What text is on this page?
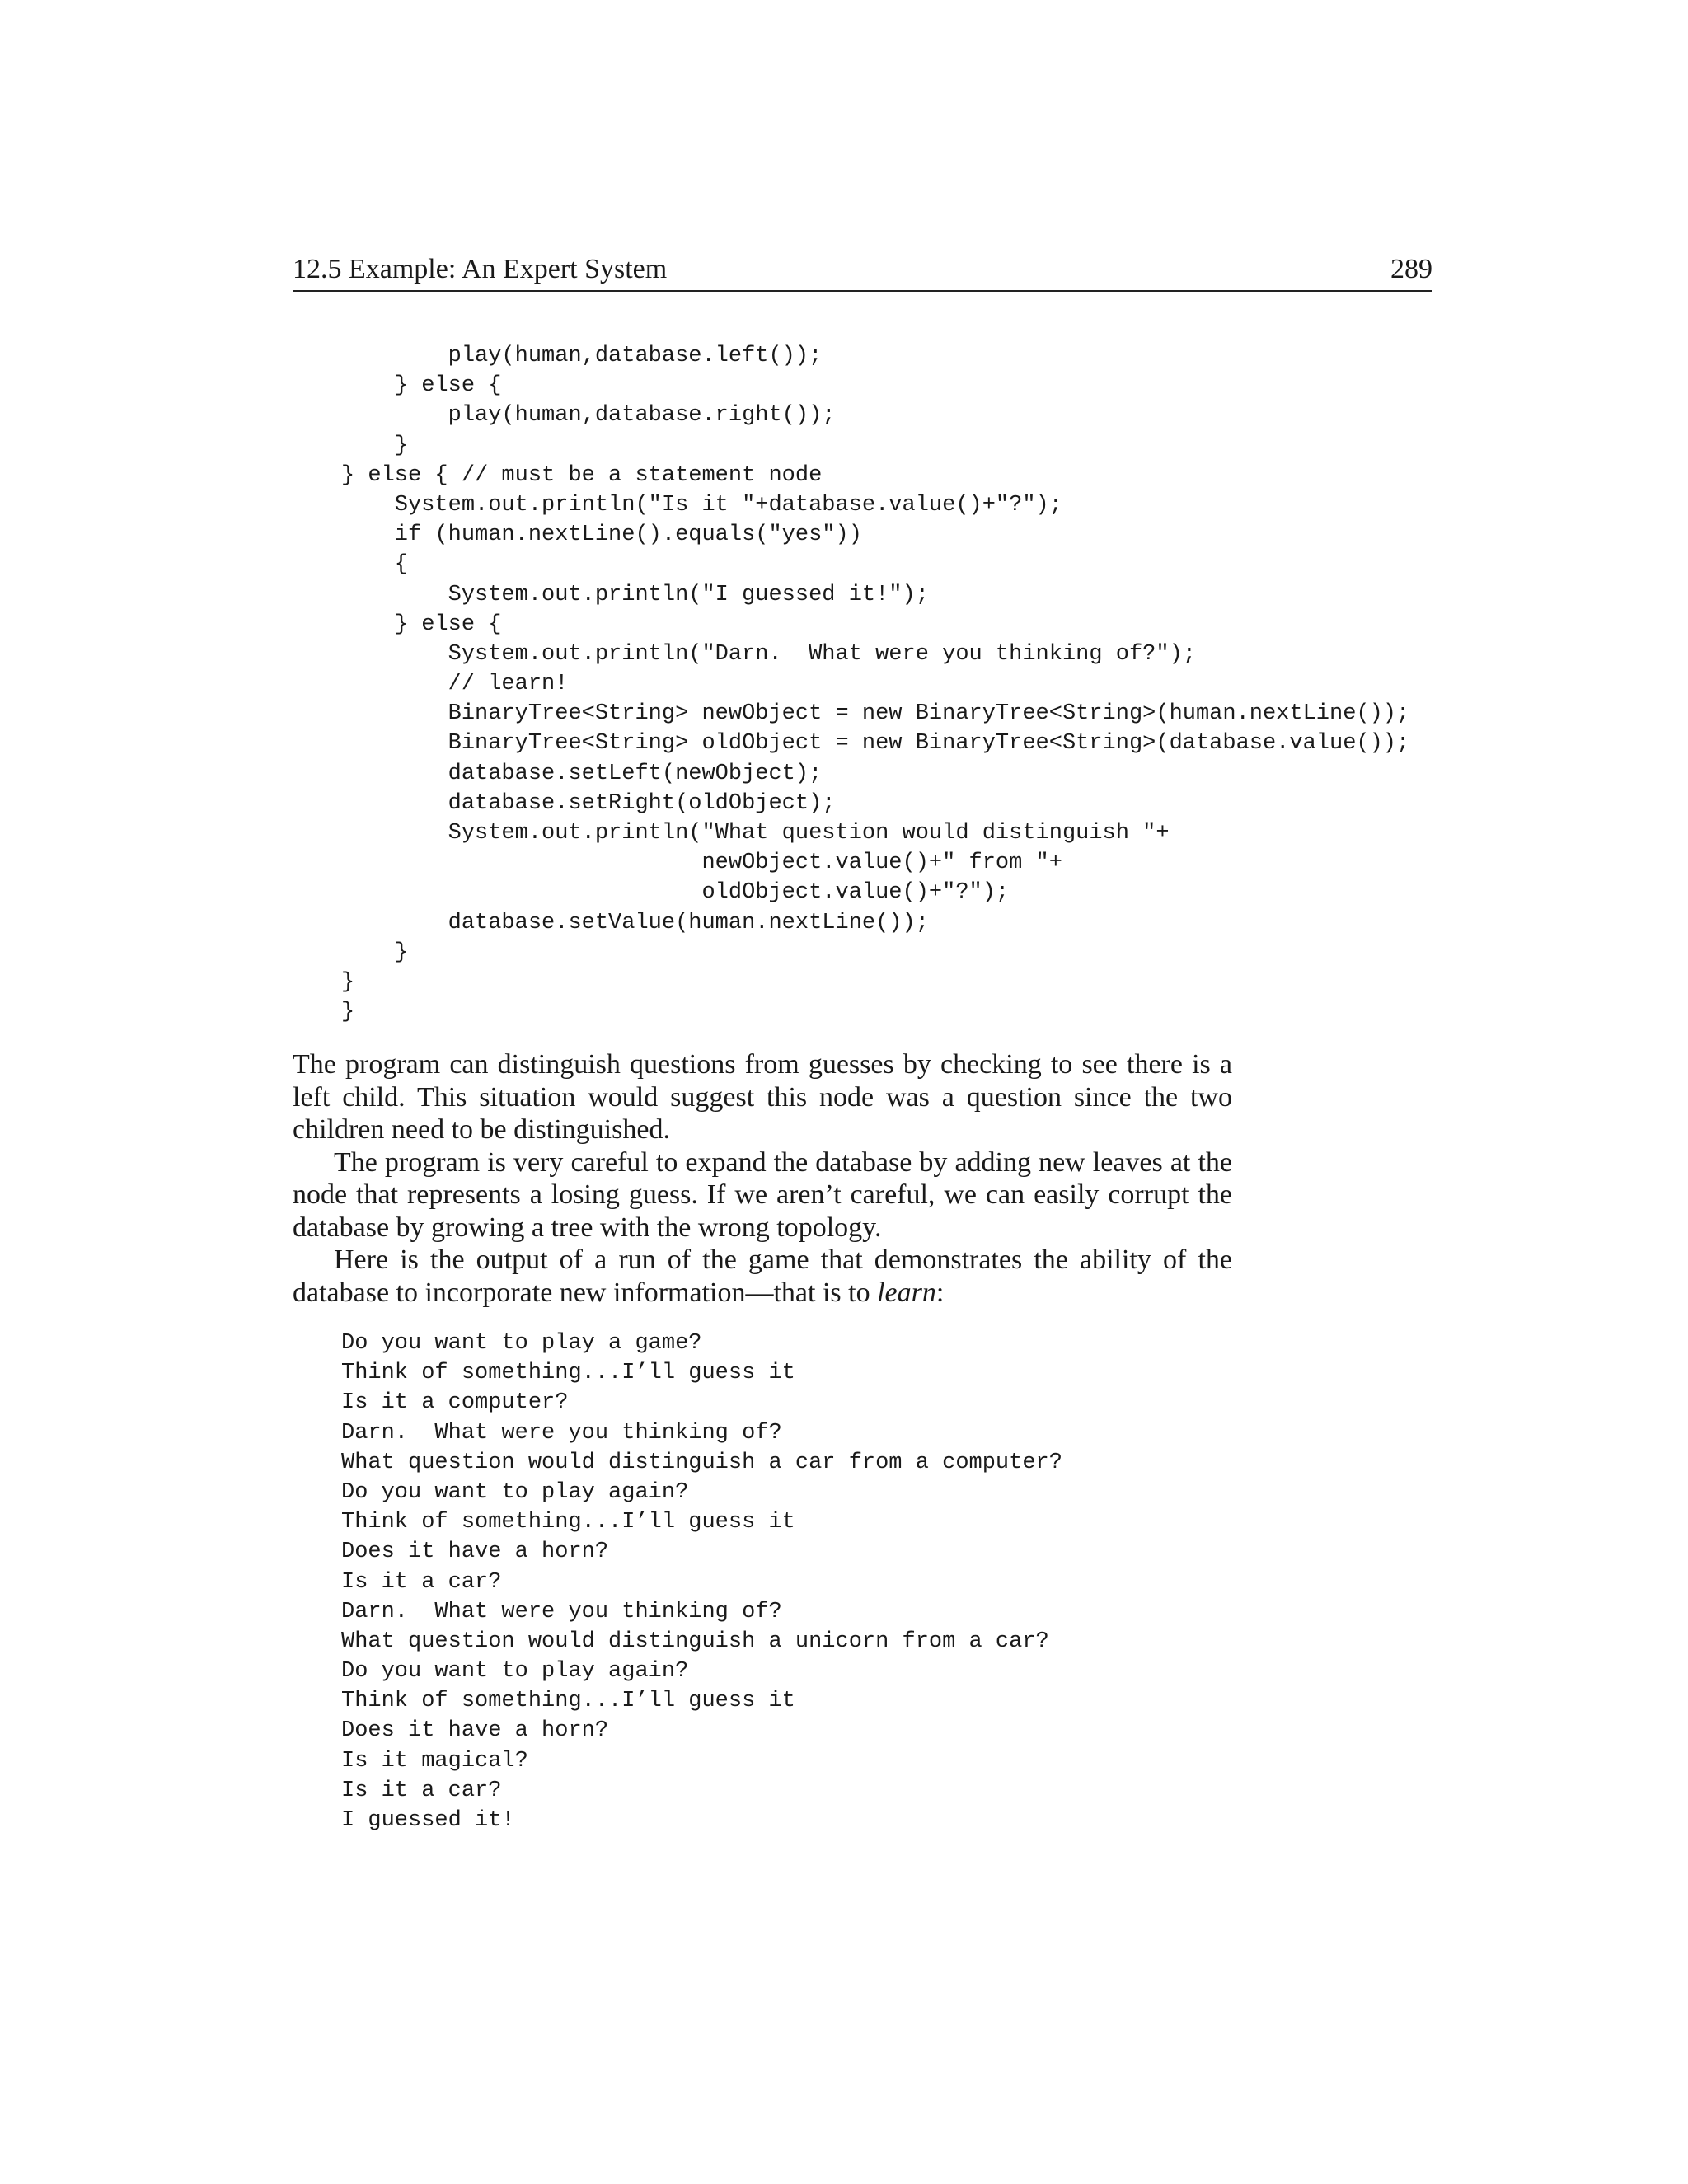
12.5 Example: An Expert System	289
play(human,database.left());
} else {
play(human,database.right());
}
} else { // must be a statement node
System.out.println("Is it "+database.value()+"?");
if (human.nextLine().equals("yes"))
{
System.out.println("I guessed it!");
} else {
System.out.println("Darn.  What were you thinking of?");
// learn!
BinaryTree<String> newObject = new BinaryTree<String>(human.nextLine());
BinaryTree<String> oldObject = new BinaryTree<String>(database.value());
database.setLeft(newObject);
database.setRight(oldObject);
System.out.println("What question would distinguish "+
newObject.value()+" from "+
oldObject.value()+"?");
database.setValue(human.nextLine());
}
}
}

The program can distinguish questions from guesses by checking to see there is a left child. This situation would suggest this node was a question since the two children need to be distinguished.

The program is very careful to expand the database by adding new leaves at the node that represents a losing guess. If we aren’t careful, we can easily corrupt the database by growing a tree with the wrong topology.

Here is the output of a run of the game that demonstrates the ability of the database to incorporate new information—that is to learn:

Do you want to play a game?
Think of something...I’ll guess it
Is it a computer?
Darn.  What were you thinking of?
What question would distinguish a car from a computer?
Do you want to play again?
Think of something...I’ll guess it
Does it have a horn?
Is it a car?
Darn.  What were you thinking of?
What question would distinguish a unicorn from a car?
Do you want to play again?
Think of something...I’ll guess it
Does it have a horn?
Is it magical?
Is it a car?
I guessed it!
